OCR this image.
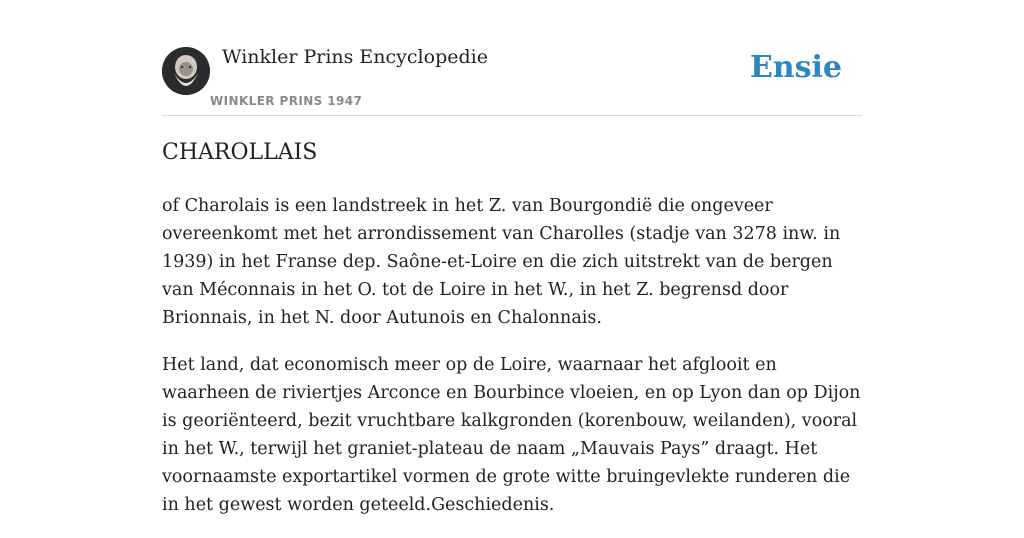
Winkler Prins Encyclopedie
WINKLER PRINS 1947
Ensie
CHAROLLAIS

of Charolais is een landstreek in het Z. van Bourgondië die ongeveer overeenkomt met het arrondissement van Charolles (stadje van 3278 inw. in 1939) in het Franse dep. Saône-et-Loire en die zich uitstrekt van de bergen van Méconnais in het O. tot de Loire in het W., in het Z. begrensd door Brionnais, in het N. door Autunois en Chalonnais.

Het land, dat economisch meer op de Loire, waarnaar het afglooit en waarheen de riviertjes Arconce en Bourbince vloeien, en op Lyon dan op Dijon is georiënteerd, bezit vruchtbare kalkgronden (korenbouw, weilanden), vooral in het W., terwijl het graniet-plateau de naam „Mauvais Pays” draagt. Het voornaamste exportartikel vormen de grote witte bruingevlekte runderen die in het gewest worden geteeld.Geschiedenis.
